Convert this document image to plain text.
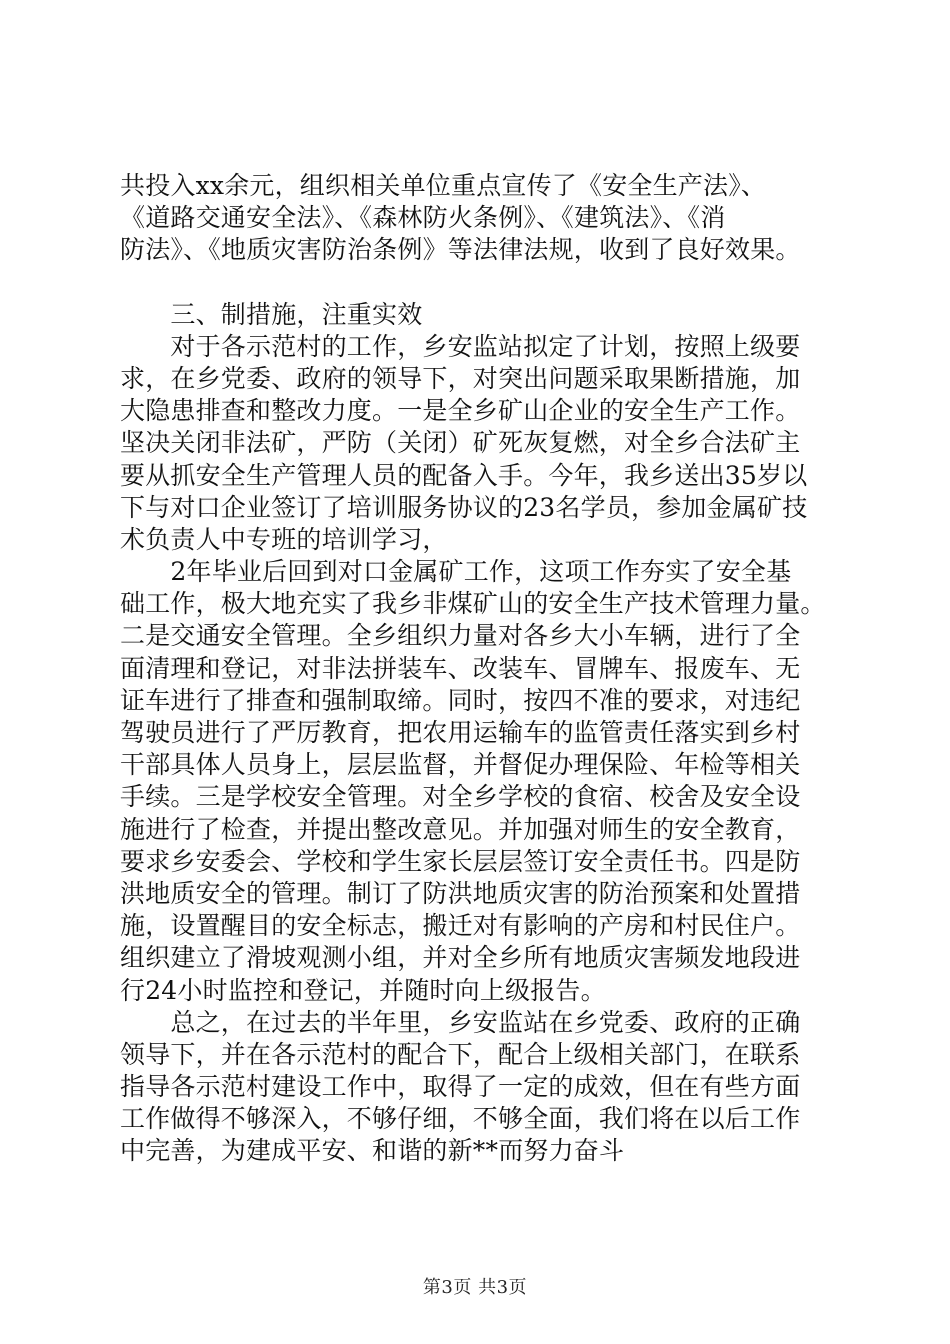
共投入xx余元，组织相关单位重点宣传了《安全生产法》、
《道路交通安全法》、《森林防火条例》、《建筑法》、《消
防法》、《地质灾害防治条例》等法律法规，收到了良好效果。
　　三、制措施，注重实效
　　对于各示范村的工作，乡安监站拟定了计划，按照上级要
求，在乡党委、政府的领导下，对突出问题采取果断措施，加
大隐患排查和整改力度。一是全乡矿山企业的安全生产工作。
坚决关闭非法矿，严防（关闭）矿死灰复燃，对全乡合法矿主
要从抓安全生产管理人员的配备入手。今年，我乡送出35岁以
下与对口企业签订了培训服务协议的23名学员，参加金属矿技
术负责人中专班的培训学习，
　　2年毕业后回到对口金属矿工作，这项工作夯实了安全基
础工作，极大地充实了我乡非煤矿山的安全生产技术管理力量。
二是交通安全管理。全乡组织力量对各乡大小车辆，进行了全
面清理和登记，对非法拼装车、改装车、冒牌车、报废车、无
证车进行了排查和强制取缔。同时，按四不准的要求，对违纪
驾驶员进行了严厉教育，把农用运输车的监管责任落实到乡村
干部具体人员身上，层层监督，并督促办理保险、年检等相关
手续。三是学校安全管理。对全乡学校的食宿、校舍及安全设
施进行了检查，并提出整改意见。并加强对师生的安全教育，
要求乡安委会、学校和学生家长层层签订安全责任书。四是防
洪地质安全的管理。制订了防洪地质灾害的防治预案和处置措
施，设置醒目的安全标志，搬迁对有影响的产房和村民住户。
组织建立了滑坡观测小组，并对全乡所有地质灾害频发地段进
行24小时监控和登记，并随时向上级报告。
　　总之，在过去的半年里，乡安监站在乡党委、政府的正确
领导下，并在各示范村的配合下，配合上级相关部门，在联系
指导各示范村建设工作中，取得了一定的成效，但在有些方面
工作做得不够深入，不够仔细，不够全面，我们将在以后工作
中完善，为建成平安、和谐的新**而努力奋斗
第3页 共3页
